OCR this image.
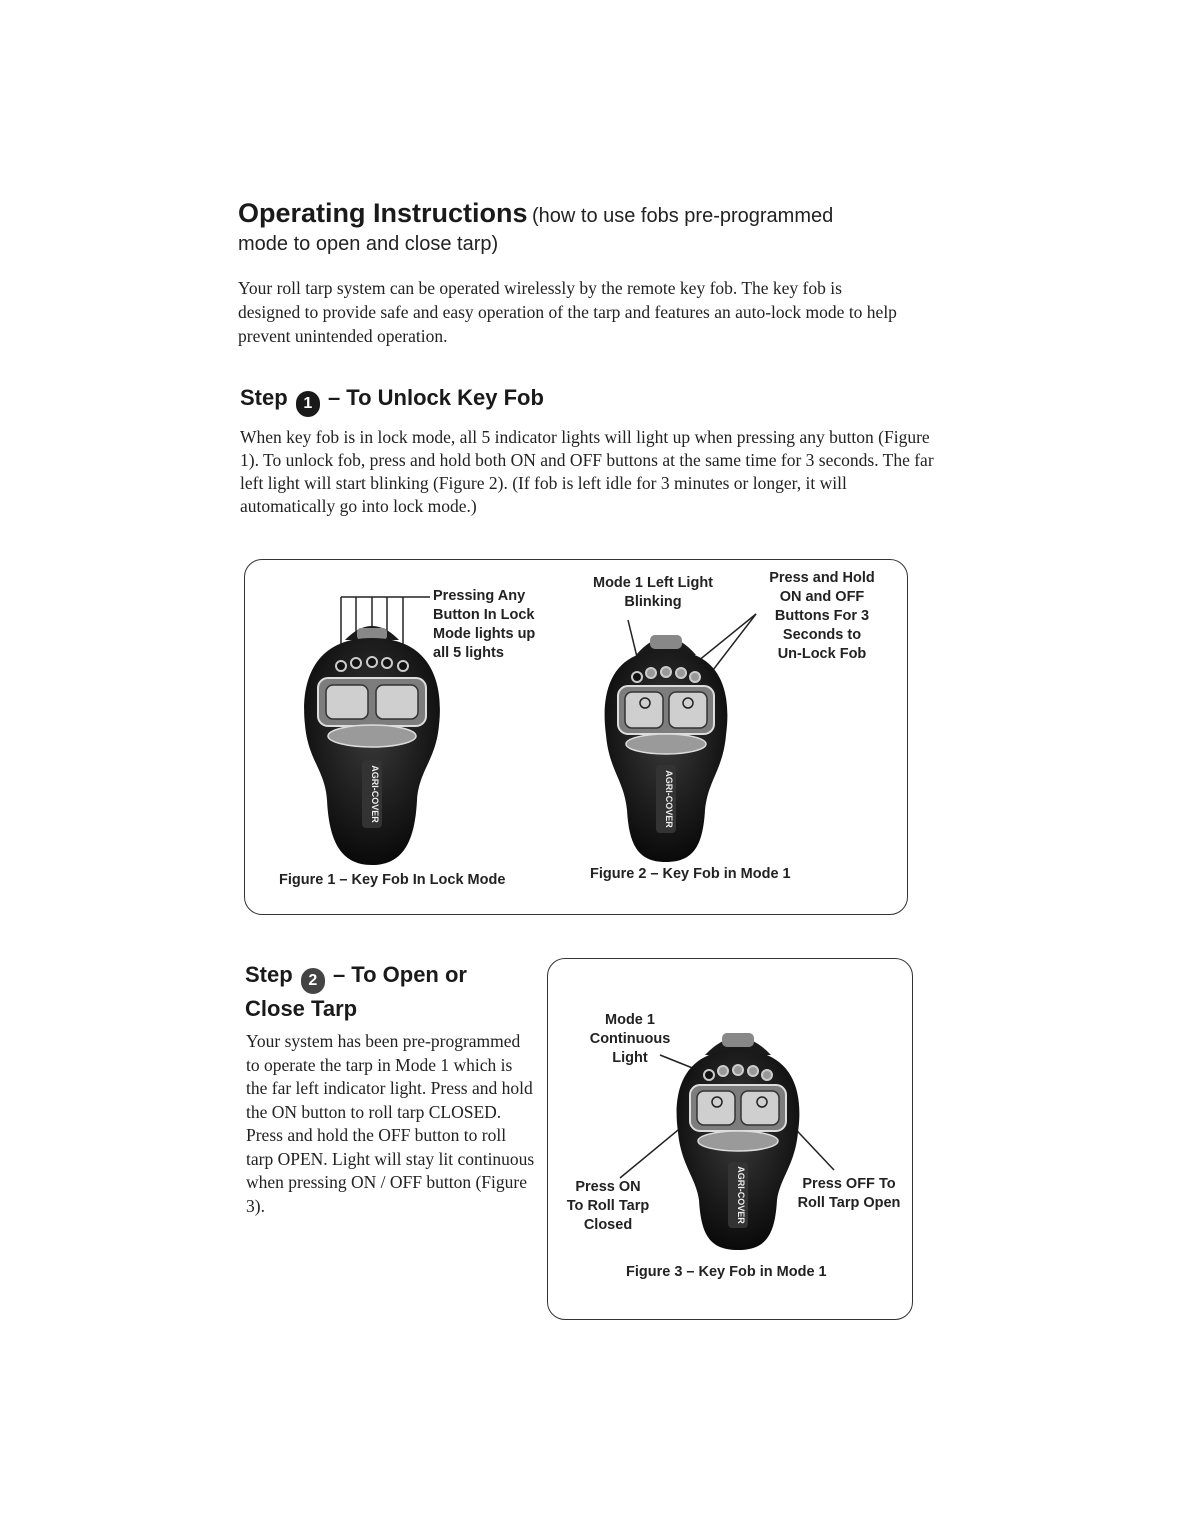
Operating Instructions (how to use fobs pre-programmed
mode to open and close tarp)
Your roll tarp system can be operated wirelessly by the remote key fob. The key fob is designed to provide safe and easy operation of the tarp and features an auto-lock mode to help prevent unintended operation.
Step 1 – To Unlock Key Fob
When key fob is in lock mode, all 5 indicator lights will light up when pressing any button (Figure 1). To unlock fob, press and hold both ON and OFF buttons at the same time for 3 seconds. The far left light will start blinking (Figure 2). (If fob is left idle for 3 minutes or longer, it will automatically go into lock mode.)
AGRI-COVER	AGRI-COVER
AGRI-COVER
Pressing Any
Button In Lock
Mode lights up
all 5 lights
Figure 1 – Key Fob In Lock Mode
Mode 1 Left Light
Blinking
Press and Hold
ON and OFF
Buttons For 3
Seconds to
Un-Lock Fob
Figure 2 – Key Fob in Mode 1
Step 2 – To Open or
Close Tarp
Your system has been pre-programmed to operate the tarp in Mode 1 which is the far left indicator light. Press and hold the ON button to roll tarp CLOSED. Press and hold the OFF button to roll tarp OPEN. Light will stay lit continuous when pressing ON / OFF button (Figure 3).
Mode 1
Continuous
Light
Press ON
To Roll Tarp
Closed
Press OFF To
Roll Tarp Open
Figure 3 – Key Fob in Mode 1
